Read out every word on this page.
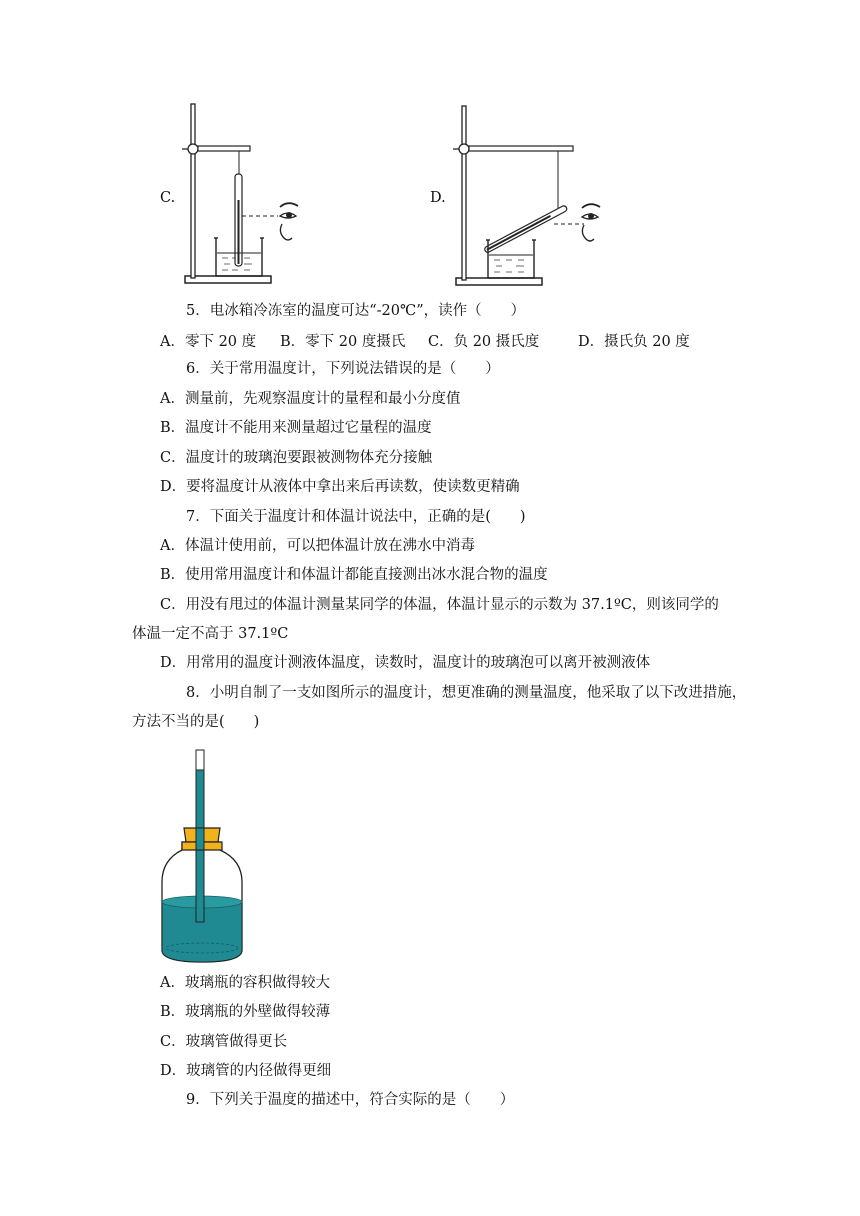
C.	D.
5．电冰箱冷冻室的温度可达“-20℃”，读作（　　）
A．零下 20 度 B．零下 20 度摄氏 C．负 20 摄氏度	D．摄氏负 20 度
6．关于常用温度计，下列说法错误的是（　　）
A．测量前，先观察温度计的量程和最小分度值
B．温度计不能用来测量超过它量程的温度
C．温度计的玻璃泡要跟被测物体充分接触
D．要将温度计从液体中拿出来后再读数，使读数更精确
7．下面关于温度计和体温计说法中，正确的是(　　)
A．体温计使用前，可以把体温计放在沸水中消毒
B．使用常用温度计和体温计都能直接测出冰水混合物的温度
C．用没有甩过的体温计测量某同学的体温，体温计显示的示数为 37.1ºC，则该同学的
体温一定不高于 37.1ºC
D．用常用的温度计测液体温度，读数时，温度计的玻璃泡可以离开被测液体
8．小明自制了一支如图所示的温度计，想更准确的测量温度，他采取了以下改进措施，
方法不当的是(　　)
A．玻璃瓶的容积做得较大
B．玻璃瓶的外壁做得较薄
C．玻璃管做得更长
D．玻璃管的内径做得更细
9．下列关于温度的描述中，符合实际的是（　　）
